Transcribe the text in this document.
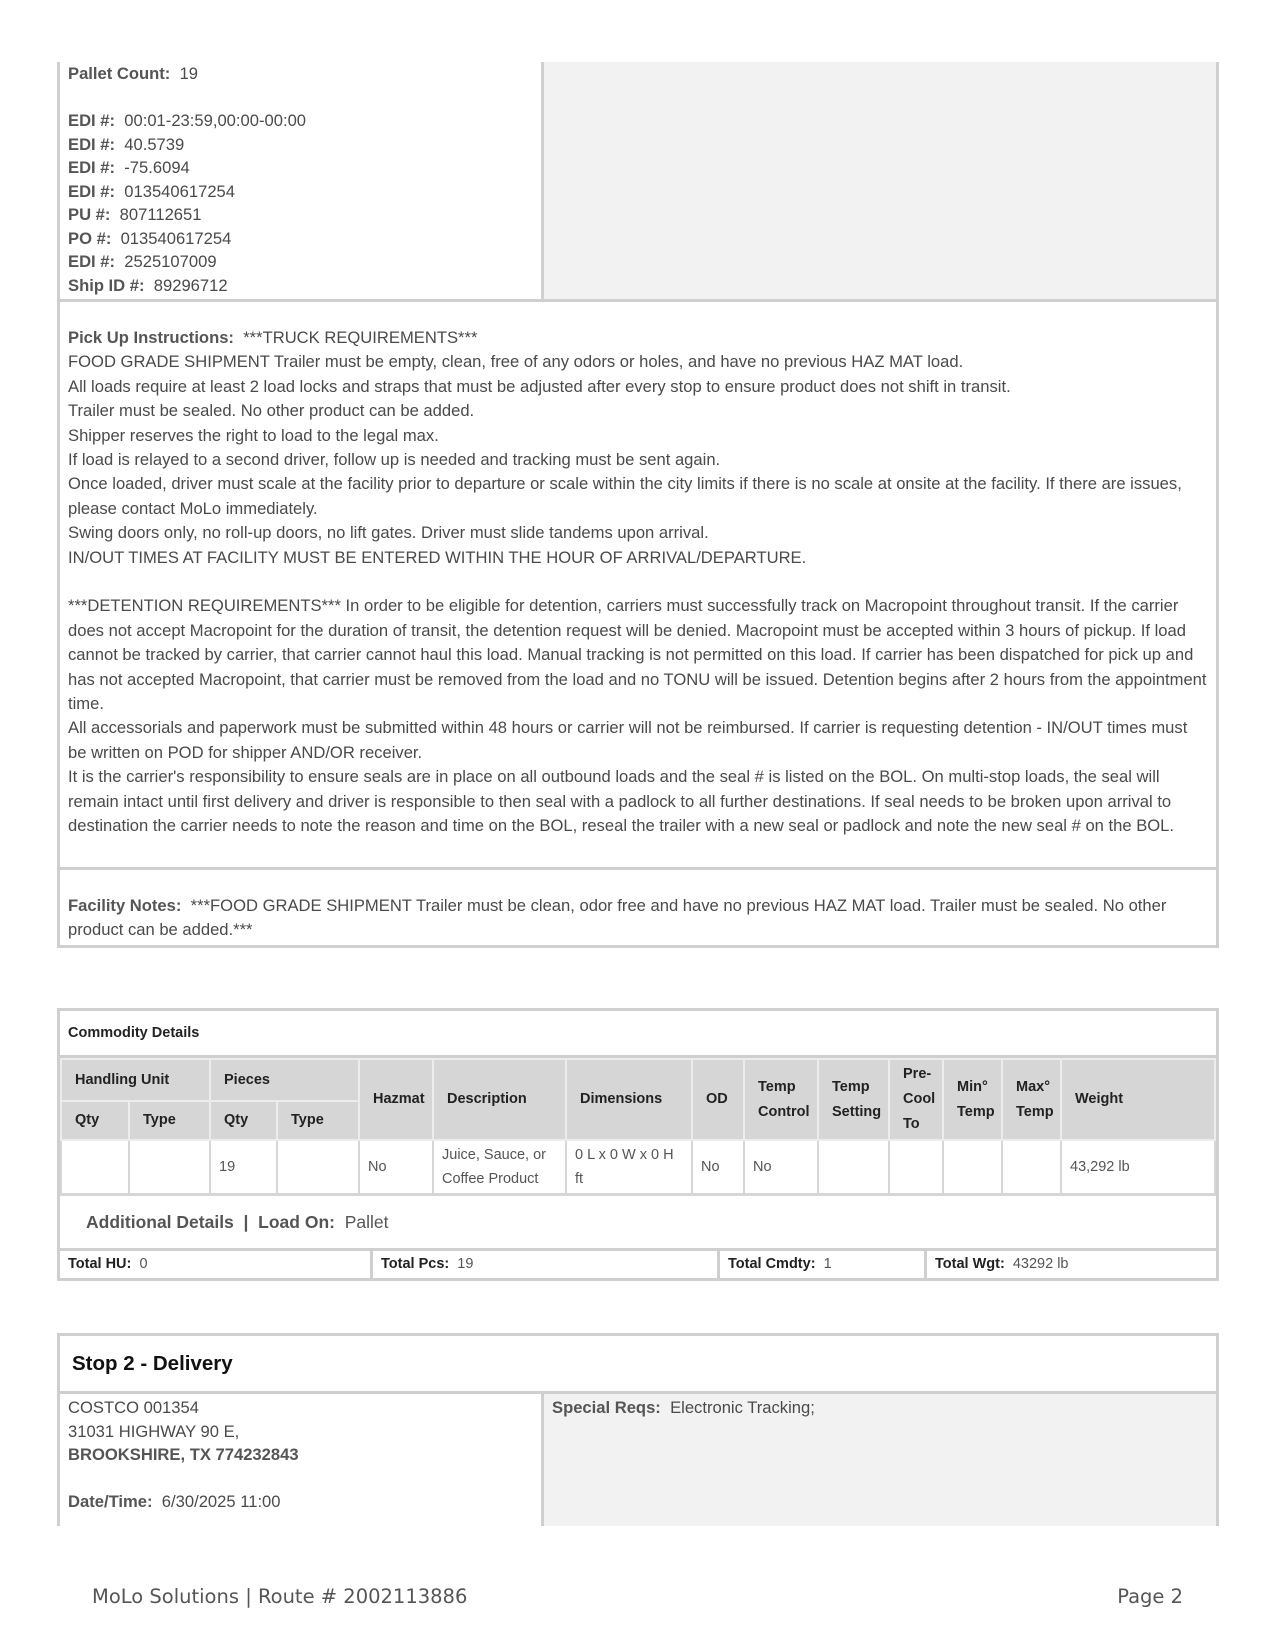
Pallet Count: 19
EDI #: 00:01-23:59,00:00-00:00
EDI #: 40.5739
EDI #: -75.6094
EDI #: 013540617254
PU #: 807112651
PO #: 013540617254
EDI #: 2525107009
Ship ID #: 89296712

Pick Up Instructions: ***TRUCK REQUIREMENTS***

FOOD GRADE SHIPMENT Trailer must be empty, clean, free of any odors or holes, and have no previous HAZ MAT load.

All loads require at least 2 load locks and straps that must be adjusted after every stop to ensure product does not shift in transit.

Trailer must be sealed. No other product can be added.

Shipper reserves the right to load to the legal max.

If load is relayed to a second driver, follow up is needed and tracking must be sent again.

Once loaded, driver must scale at the facility prior to departure or scale within the city limits if there is no scale at onsite at the facility. If there are issues, please contact MoLo immediately.

Swing doors only, no roll-up doors, no lift gates. Driver must slide tandems upon arrival.

IN/OUT TIMES AT FACILITY MUST BE ENTERED WITHIN THE HOUR OF ARRIVAL/DEPARTURE.

***DETENTION REQUIREMENTS*** In order to be eligible for detention, carriers must successfully track on Macropoint throughout transit. If the carrier does not accept Macropoint for the duration of transit, the detention request will be denied. Macropoint must be accepted within 3 hours of pickup. If load cannot be tracked by carrier, that carrier cannot haul this load. Manual tracking is not permitted on this load. If carrier has been dispatched for pick up and has not accepted Macropoint, that carrier must be removed from the load and no TONU will be issued. Detention begins after 2 hours from the appointment time.

All accessorials and paperwork must be submitted within 48 hours or carrier will not be reimbursed. If carrier is requesting detention - IN/OUT times must be written on POD for shipper AND/OR receiver.

It is the carrier's responsibility to ensure seals are in place on all outbound loads and the seal # is listed on the BOL. On multi-stop loads, the seal will remain intact until first delivery and driver is responsible to then seal with a padlock to all further destinations. If seal needs to be broken upon arrival to destination the carrier needs to note the reason and time on the BOL, reseal the trailer with a new seal or padlock and note the new seal # on the BOL.

Facility Notes: ***FOOD GRADE SHIPMENT Trailer must be clean, odor free and have no previous HAZ MAT load. Trailer must be sealed. No other product can be added.***
Commodity Details
Handling Unit		Pieces		Hazmat	Description	Dimensions	OD	Temp Control	Temp Setting	Pre-Cool To	Min° Temp	Max° Temp	Weight
Qty	Type	Qty	Type										
		19		No	Juice, Sauce, or Coffee Product	0 L x 0 W x 0 H ft	No	No					43,292 lb
Additional Details  |  Load On: Pallet
Total HU: 0	Total Pcs: 19	Total Cmdty: 1	Total Wgt: 43292 lb
Stop 2 - Delivery
COSTCO 001354
31031 HIGHWAY 90 E,
BROOKSHIRE, TX 774232843
Date/Time: 6/30/2025 11:00
Special Reqs: Electronic Tracking;
MoLo Solutions | Route # 2002113886	Page 2
